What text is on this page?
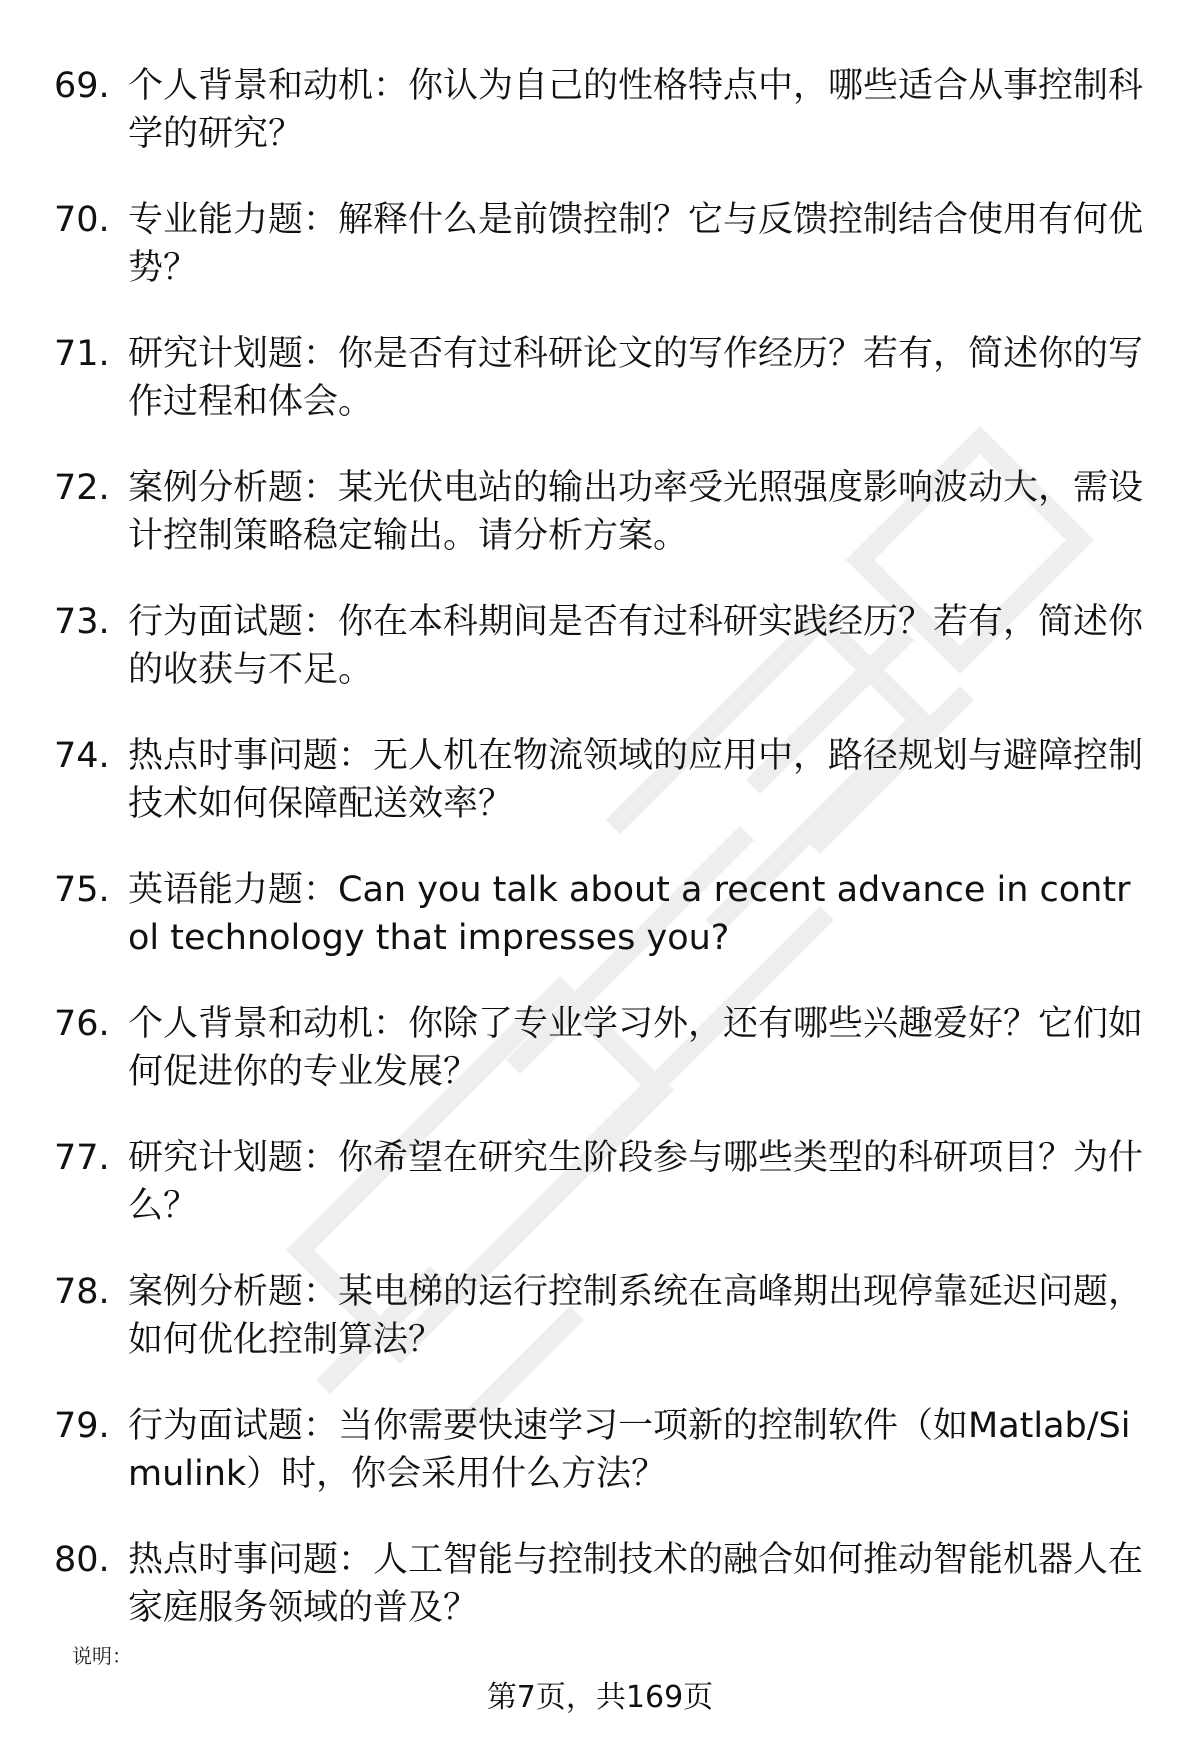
69. 个人背景和动机：你认为自己的性格特点中，哪些适合从事控制科学的研究？
70. 专业能力题：解释什么是前馈控制？它与反馈控制结合使用有何优势？
71. 研究计划题：你是否有过科研论文的写作经历？若有，简述你的写作过程和体会。
72. 案例分析题：某光伏电站的输出功率受光照强度影响波动大，需设计控制策略稳定输出。请分析方案。
73. 行为面试题：你在本科期间是否有过科研实践经历？若有，简述你的收获与不足。
74. 热点时事问题：无人机在物流领域的应用中，路径规划与避障控制技术如何保障配送效率？
75. 英语能力题：Can you talk about a recent advance in control technology that impresses you?
76. 个人背景和动机：你除了专业学习外，还有哪些兴趣爱好？它们如何促进你的专业发展？
77. 研究计划题：你希望在研究生阶段参与哪些类型的科研项目？为什么？
78. 案例分析题：某电梯的运行控制系统在高峰期出现停靠延迟问题，如何优化控制算法？
79. 行为面试题：当你需要快速学习一项新的控制软件（如Matlab/Simulink）时，你会采用什么方法？
80. 热点时事问题：人工智能与控制技术的融合如何推动智能机器人在家庭服务领域的普及？
说明：
第7页，共169页
